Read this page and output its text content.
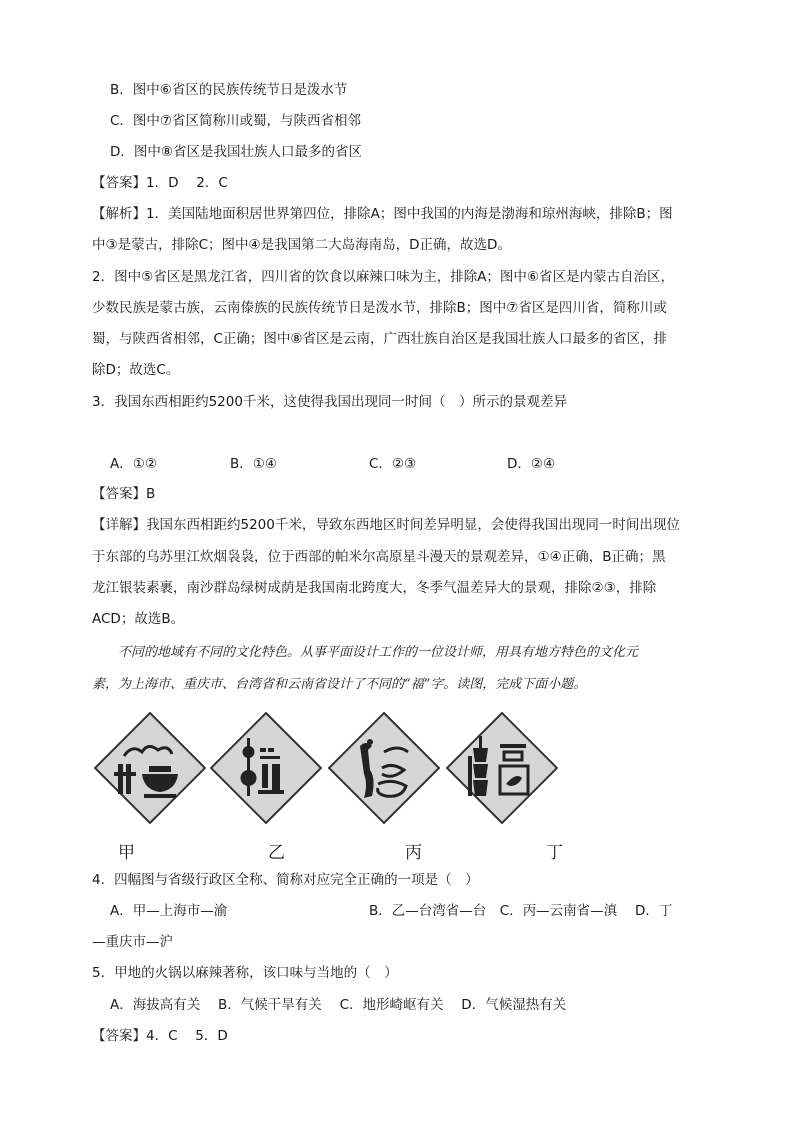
B．图中⑥省区的民族传统节日是泼水节
C．图中⑦省区简称川或蜀，与陕西省相邻
D．图中⑧省区是我国壮族人口最多的省区
【答案】1．D　 2．C
【解析】1．美国陆地面积居世界第四位，排除A；图中我国的内海是渤海和琼州海峡，排除B；图
中③是蒙古，排除C；图中④是我国第二大岛海南岛，D正确，故选D。
2．图中⑤省区是黑龙江省，四川省的饮食以麻辣口味为主，排除A；图中⑥省区是内蒙古自治区，
少数民族是蒙古族，云南傣族的民族传统节日是泼水节，排除B；图中⑦省区是四川省，简称川或
蜀，与陕西省相邻，C正确；图中⑧省区是云南，广西壮族自治区是我国壮族人口最多的省区，排
除D；故选C。
3．我国东西相距约5200千米，这使得我国出现同一时间（　）所示的景观差异
A．①②	B．①④	C．②③	D．②④
【答案】B
【详解】我国东西相距约5200千米，导致东西地区时间差异明显，会使得我国出现同一时间出现位
于东部的乌苏里江炊烟袅袅，位于西部的帕米尔高原星斗漫天的景观差异，①④正确，B正确；黑
龙江银装素裹，南沙群岛绿树成荫是我国南北跨度大，冬季气温差异大的景观，排除②③，排除
ACD；故选B。
不同的地域有不同的文化特色。从事平面设计工作的一位设计师，用具有地方特色的文化元
素，为上海市、重庆市、台湾省和云南省设计了不同的“福”字。读图，完成下面小题。
甲	乙	丙	丁
4．四幅图与省级行政区全称、简称对应完全正确的一项是（　）
A．甲—上海市—渝	B．乙—台湾省—台　C．丙—云南省—滇　 D．丁
—重庆市—沪
5．甲地的火锅以麻辣著称，该口味与当地的（　）
A．海拔高有关　 B．气候干旱有关　 C．地形崎岖有关　 D．气候湿热有关
【答案】4．C　 5．D
